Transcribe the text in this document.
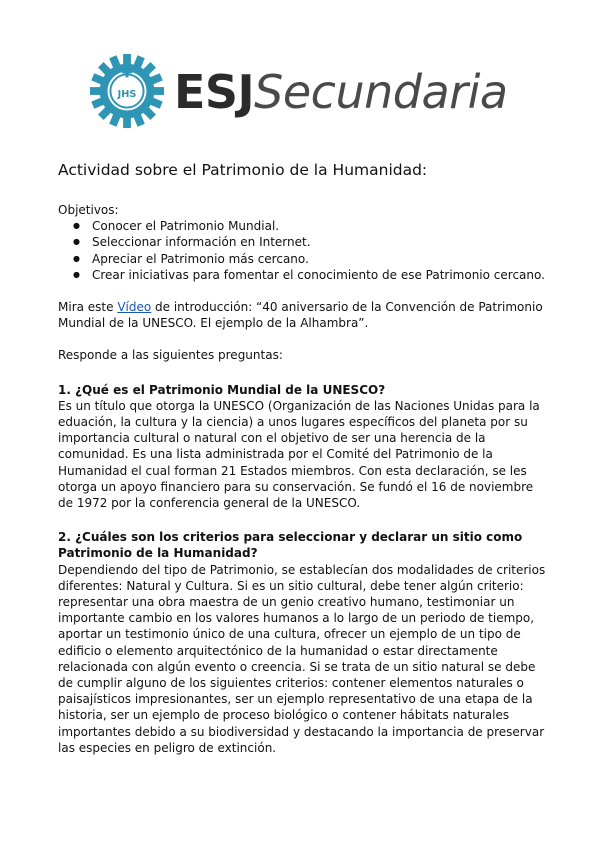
JHS ESJSecundaria
Actividad sobre el Patrimonio de la Humanidad:

Objetivos:

● Conocer el Patrimonio Mundial.
● Seleccionar información en Internet.
● Apreciar el Patrimonio más cercano.
● Crear iniciativas para fomentar el conocimiento de ese Patrimonio cercano.

Mira este Vídeo de introducción: “40 aniversario de la Convención de Patrimonio Mundial de la UNESCO. El ejemplo de la Alhambra”.

Responde a las siguientes preguntas:

1. ¿Qué es el Patrimonio Mundial de la UNESCO?

Es un título que otorga la UNESCO (Organización de las Naciones Unidas para la eduación, la cultura y la ciencia) a unos lugares específicos del planeta por su importancia cultural o natural con el objetivo de ser una herencia de la comunidad. Es una lista administrada por el Comité del Patrimonio de la Humanidad el cual forman 21 Estados miembros. Con esta declaración, se les otorga un apoyo financiero para su conservación. Se fundó el 16 de noviembre de 1972 por la conferencia general de la UNESCO.

2. ¿Cuáles son los criterios para seleccionar y declarar un sitio como Patrimonio de la Humanidad?

Dependiendo del tipo de Patrimonio, se establecían dos modalidades de criterios diferentes: Natural y Cultura. Si es un sitio cultural, debe tener algún criterio: representar una obra maestra de un genio creativo humano, testimoniar un importante cambio en los valores humanos a lo largo de un periodo de tiempo, aportar un testimonio único de una cultura, ofrecer un ejemplo de un tipo de edificio o elemento arquitectónico de la humanidad o estar directamente relacionada con algún evento o creencia. Si se trata de un sitio natural se debe de cumplir alguno de los siguientes criterios: contener elementos naturales o paisajísticos impresionantes, ser un ejemplo representativo de una etapa de la historia, ser un ejemplo de proceso biológico o contener hábitats naturales importantes debido a su biodiversidad y destacando la importancia de preservar las especies en peligro de extinción.
